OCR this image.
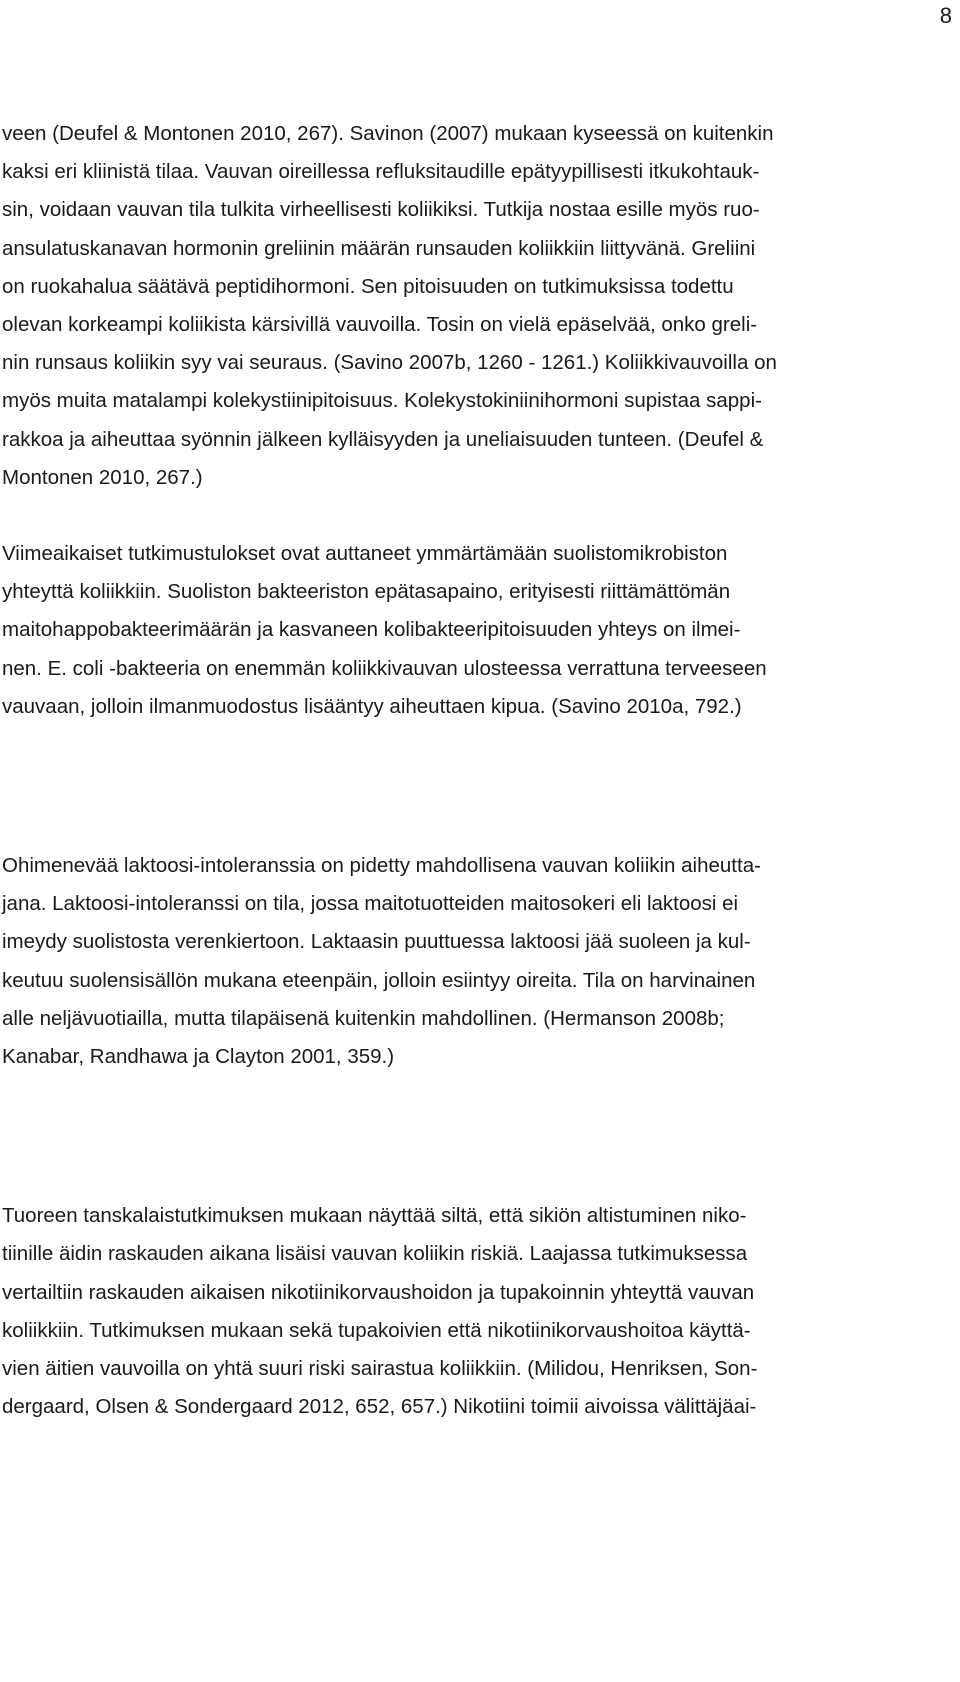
8

veen (Deufel & Montonen 2010, 267). Savinon (2007) mukaan kyseessä on kuitenkin
kaksi eri kliinistä tilaa. Vauvan oireillessa refluksitaudille epätyypillisesti itkukohtauk-
sin, voidaan vauvan tila tulkita virheellisesti koliikiksi. Tutkija nostaa esille myös ruo-
ansulatuskanavan hormonin greliinin määrän runsauden koliikkiin liittyvänä. Greliini
on ruokahalua säätävä peptidihormoni. Sen pitoisuuden on tutkimuksissa todettu
olevan korkeampi koliikista kärsivillä vauvoilla. Tosin on vielä epäselvää, onko greli-
nin runsaus koliikin syy vai seuraus. (Savino 2007b, 1260 - 1261.) Koliikkivauvoilla on
myös muita matalampi kolekystiinipitoisuus. Kolekystokiniinihormoni supistaa sappi-
rakkoa ja aiheuttaa syönnin jälkeen kylläisyyden ja uneliaisuuden tunteen. (Deufel &
Montonen 2010, 267.)

Viimeaikaiset tutkimustulokset ovat auttaneet ymmärtämään suolistomikrobiston
yhteyttä koliikkiin. Suoliston bakteeriston epätasapaino, erityisesti riittämättömän
maitohappobakteerimäärän ja kasvaneen kolibakteeripitoisuuden yhteys on ilmei-
nen. E. coli -bakteeria on enemmän koliikkivauvan ulosteessa verrattuna terveeseen
vauvaan, jolloin ilmanmuodostus lisääntyy aiheuttaen kipua. (Savino 2010a, 792.)

Ohimenevää laktoosi-intoleranssia on pidetty mahdollisena vauvan koliikin aiheutta-
jana. Laktoosi-intoleranssi on tila, jossa maitotuotteiden maitosokeri eli laktoosi ei
imeydy suolistosta verenkiertoon. Laktaasin puuttuessa laktoosi jää suoleen ja kul-
keutuu suolensisällön mukana eteenpäin, jolloin esiintyy oireita. Tila on harvinainen
alle neljävuotiailla, mutta tilapäisenä kuitenkin mahdollinen. (Hermanson 2008b;
Kanabar, Randhawa ja Clayton 2001, 359.)

Tuoreen tanskalaistutkimuksen mukaan näyttää siltä, että sikiön altistuminen niko-
tiinille äidin raskauden aikana lisäisi vauvan koliikin riskiä. Laajassa tutkimuksessa
vertailtiin raskauden aikaisen nikotiinikorvaushoidon ja tupakoinnin yhteyttä vauvan
koliikkiin. Tutkimuksen mukaan sekä tupakoivien että nikotiinikorvaushoitoa käyttä-
vien äitien vauvoilla on yhtä suuri riski sairastua koliikkiin. (Milidou, Henriksen, Son-
dergaard, Olsen & Sondergaard 2012, 652, 657.) Nikotiini toimii aivoissa välittäjäai-
